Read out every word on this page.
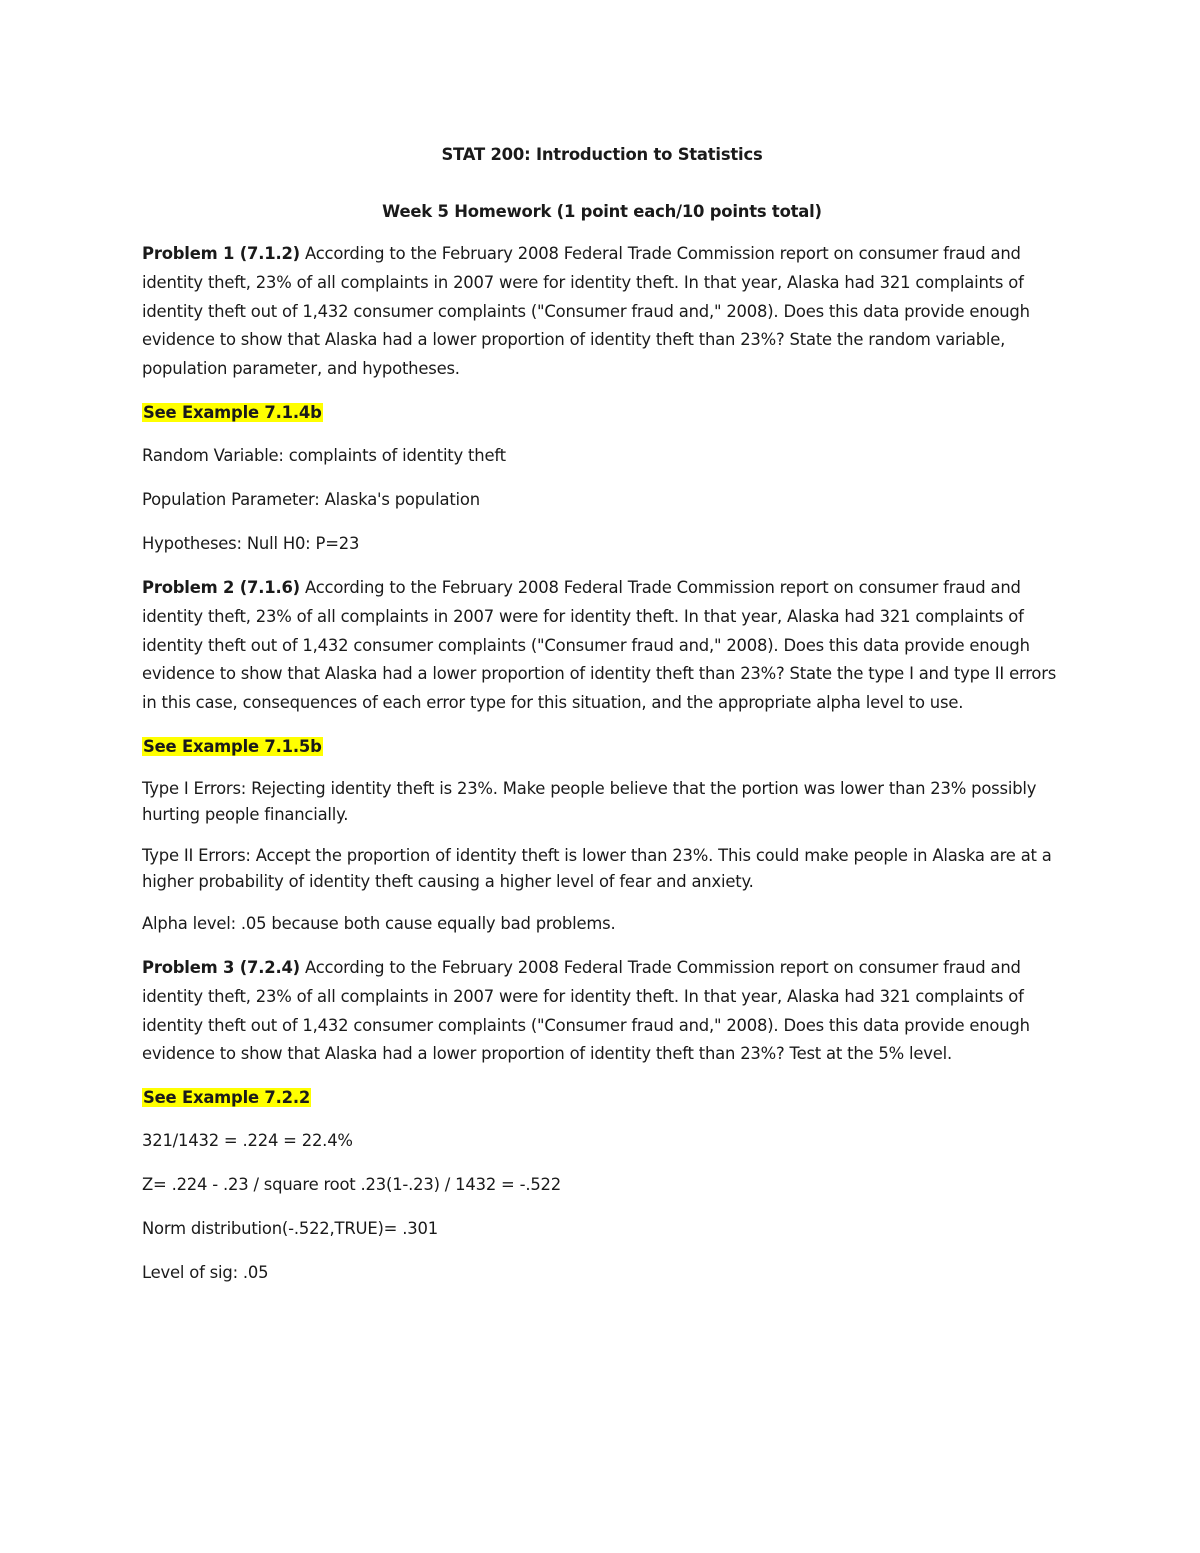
STAT 200: Introduction to Statistics

Week 5 Homework (1 point each/10 points total)

Problem 1 (7.1.2) According to the February 2008 Federal Trade Commission report on consumer fraud and identity theft, 23% of all complaints in 2007 were for identity theft. In that year, Alaska had 321 complaints of identity theft out of 1,432 consumer complaints ("Consumer fraud and," 2008). Does this data provide enough evidence to show that Alaska had a lower proportion of identity theft than 23%? State the random variable, population parameter, and hypotheses.

See Example 7.1.4b

Random Variable: complaints of identity theft

Population Parameter: Alaska's population

Hypotheses: Null H0: P=23

Problem 2 (7.1.6) According to the February 2008 Federal Trade Commission report on consumer fraud and identity theft, 23% of all complaints in 2007 were for identity theft. In that year, Alaska had 321 complaints of identity theft out of 1,432 consumer complaints ("Consumer fraud and," 2008). Does this data provide enough evidence to show that Alaska had a lower proportion of identity theft than 23%? State the type I and type II errors in this case, consequences of each error type for this situation, and the appropriate alpha level to use.

See Example 7.1.5b

Type I Errors: Rejecting identity theft is 23%. Make people believe that the portion was lower than 23% possibly hurting people financially.

Type II Errors: Accept the proportion of identity theft is lower than 23%. This could make people in Alaska are at a higher probability of identity theft causing a higher level of fear and anxiety.

Alpha level: .05 because both cause equally bad problems.

Problem 3 (7.2.4) According to the February 2008 Federal Trade Commission report on consumer fraud and identity theft, 23% of all complaints in 2007 were for identity theft. In that year, Alaska had 321 complaints of identity theft out of 1,432 consumer complaints ("Consumer fraud and," 2008). Does this data provide enough evidence to show that Alaska had a lower proportion of identity theft than 23%? Test at the 5% level.

See Example 7.2.2

321/1432 = .224 = 22.4%

Z= .224 - .23 / square root .23(1-.23) / 1432 = -.522

Norm distribution(-.522,TRUE)= .301

Level of sig: .05
